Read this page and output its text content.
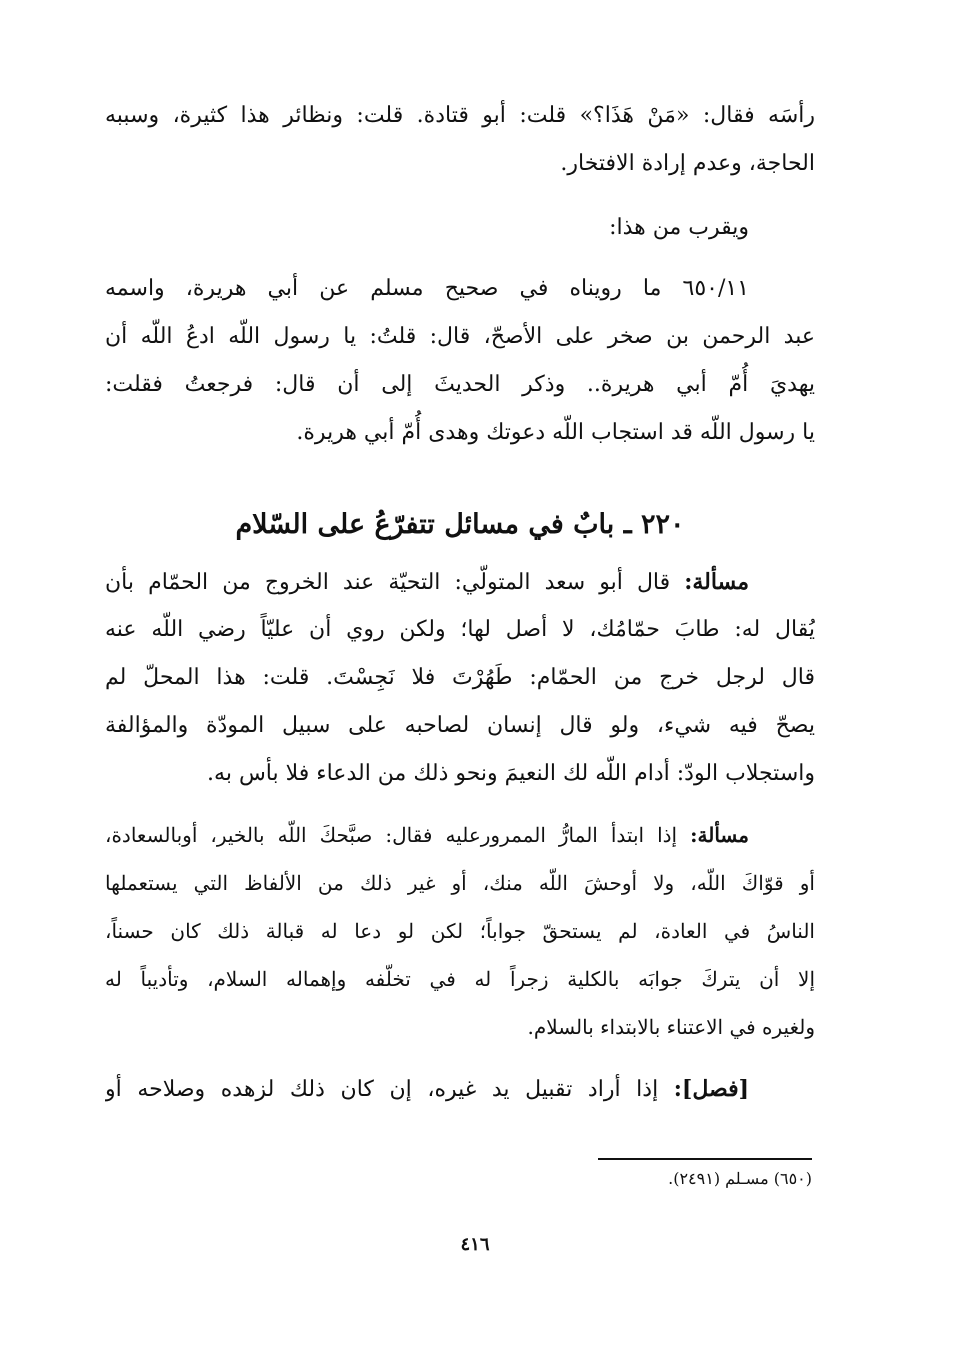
رأسَه فقال: «مَنْ هَذَا؟» قلت: أبو قتادة. قلت: ونظائر هذا كثيرة، وسببه
الحاجة، وعدم إرادة الافتخار.
ويقرب من هذا:
٦٥٠/١١ ما رويناه في صحيح مسلم عن أبي هريرة، واسمه
عبد الرحمن بن صخر على الأصحّ، قال: قلتُ: يا رسول اللّه ادعُ اللّه أن
يهديَ أُمّ أبي هريرة.. وذكر الحديثَ إلى أن قال: فرجعتُ فقلت:
يا رسول اللّه قد استجاب اللّه دعوتك وهدى أُمّ أبي هريرة.
٢٢٠ ـ بابٌ في مسائل تتفرّعُ على السّلام
مسألة: قال أبو سعد المتولّي: التحيّة عند الخروج من الحمّام بأن
يُقال له: طابَ حمّامُك، لا أصل لها؛ ولكن روي أن عليّاً رضي اللّه عنه
قال لرجل خرج من الحمّام: طَهُرْتَ فلا نَجِسْتَ. قلت: هذا المحلّ لم
يصحّ فيه شيء، ولو قال إنسان لصاحبه على سبيل المودّة والمؤالفة
واستجلاب الودّ: أدام اللّه لك النعيمَ ونحو ذلك من الدعاء فلا بأس به.
مسألة: إذا ابتدأ المارُّ الممرورعليه فقال: صبَّحكَ اللّه بالخير، أوبالسعادة،
أو قوّاكَ اللّه، ولا أوحشَ اللّه منك، أو غير ذلك من الألفاظ التي يستعملها
الناسُ في العادة، لم يستحقّ جواباً؛ لكن لو دعا له قبالة ذلك كان حسناً،
إلا أن يتركَ جوابَه بالكلية زجراً له في تخلّفه وإهماله السلام، وتأديباً له
ولغيره في الاعتناء بالابتداء بالسلام.
[فصل]: إذا أراد تقبيل يد غيره، إن كان ذلك لزهده وصلاحه أو
(٦٥٠) مسـلم (٢٤٩١).
٤١٦
